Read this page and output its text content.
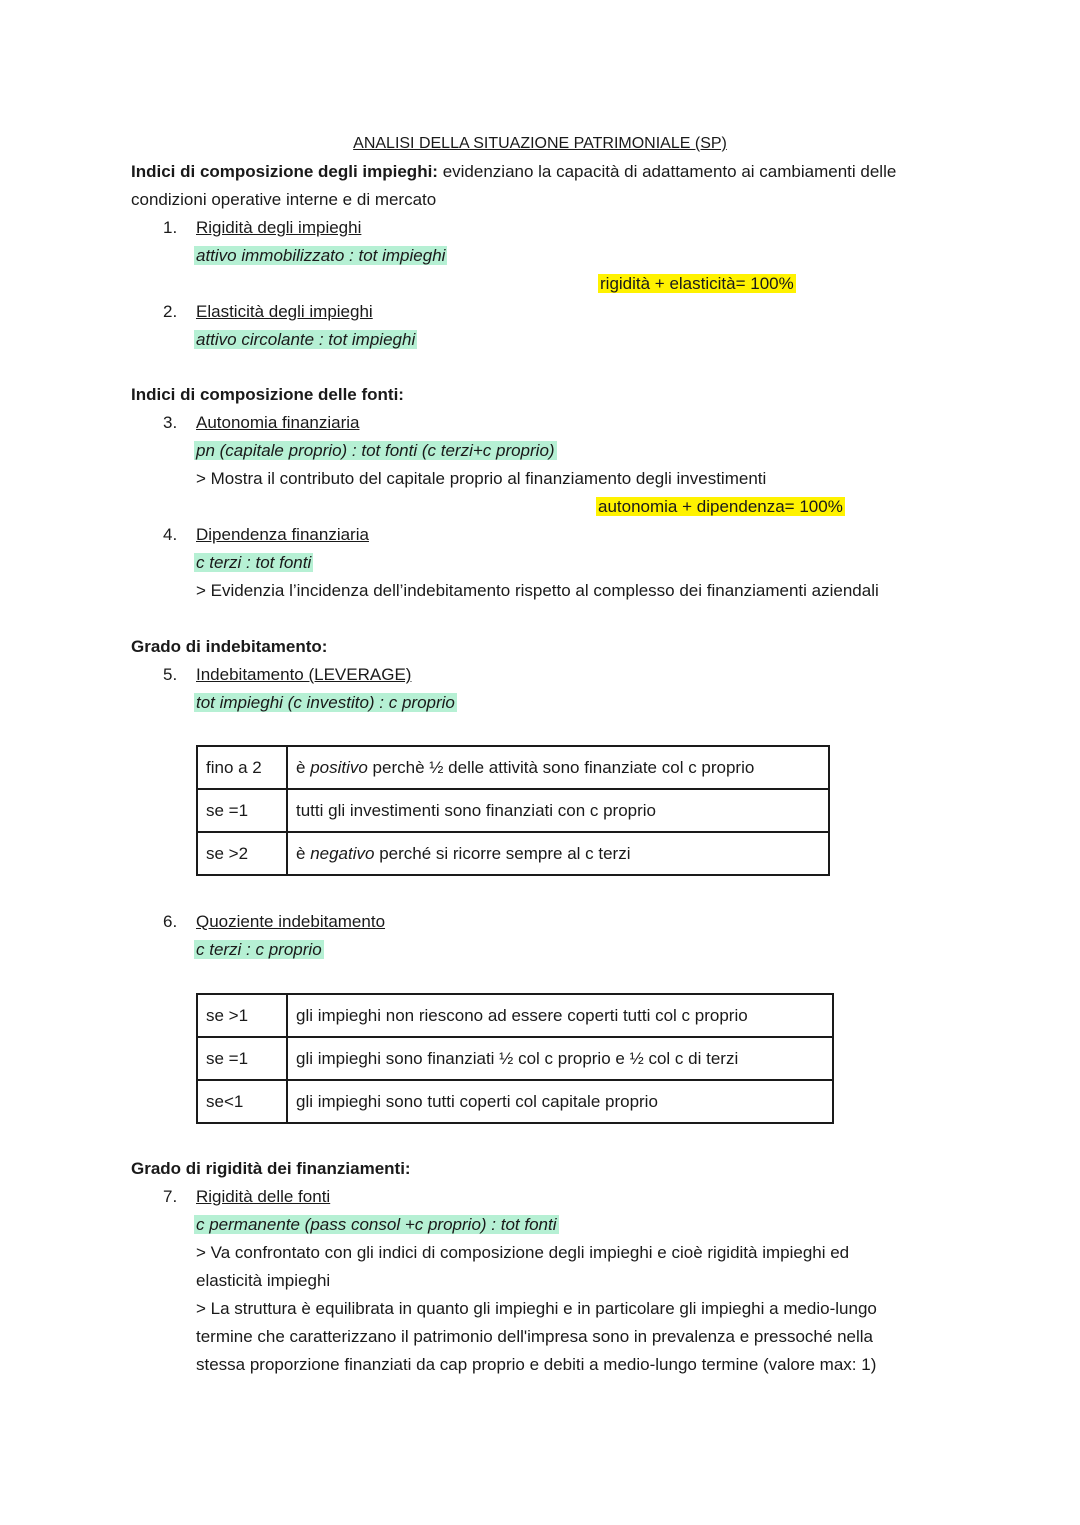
ANALISI DELLA SITUAZIONE PATRIMONIALE (SP)
Indici di composizione degli impieghi: evidenziano la capacità di adattamento ai cambiamenti delle
condizioni operative interne e di mercato
1. Rigidità degli impieghi
attivo immobilizzato : tot impieghi
rigidità + elasticità= 100%
2. Elasticità degli impieghi
attivo circolante : tot impieghi
Indici di composizione delle fonti:
3. Autonomia finanziaria
pn (capitale proprio) : tot fonti (c terzi+c proprio)
> Mostra il contributo del capitale proprio al finanziamento degli investimenti
autonomia + dipendenza= 100%
4. Dipendenza finanziaria
c terzi : tot fonti
> Evidenzia l’incidenza dell’indebitamento rispetto al complesso dei finanziamenti aziendali
Grado di indebitamento:
5. Indebitamento (LEVERAGE)
tot impieghi (c investito) : c proprio
fino a 2	è positivo perchè ½ delle attività sono finanziate col c proprio
se =1	tutti gli investimenti sono finanziati con c proprio
se >2	è negativo perché si ricorre sempre al c terzi
6. Quoziente indebitamento
c terzi : c proprio
se >1	gli impieghi non riescono ad essere coperti tutti col c proprio
se =1	gli impieghi sono finanziati ½ col c proprio e ½ col c di terzi
se<1	gli impieghi sono tutti coperti col capitale proprio
Grado di rigidità dei finanziamenti:
7. Rigidità delle fonti
c permanente (pass consol +c proprio) : tot fonti
> Va confrontato con gli indici di composizione degli impieghi e cioè rigidità impieghi ed
elasticità impieghi
> La struttura è equilibrata in quanto gli impieghi e in particolare gli impieghi a medio-lungo
termine che caratterizzano il patrimonio dell'impresa sono in prevalenza e pressoché nella
stessa proporzione finanziati da cap proprio e debiti a medio-lungo termine (valore max: 1)
